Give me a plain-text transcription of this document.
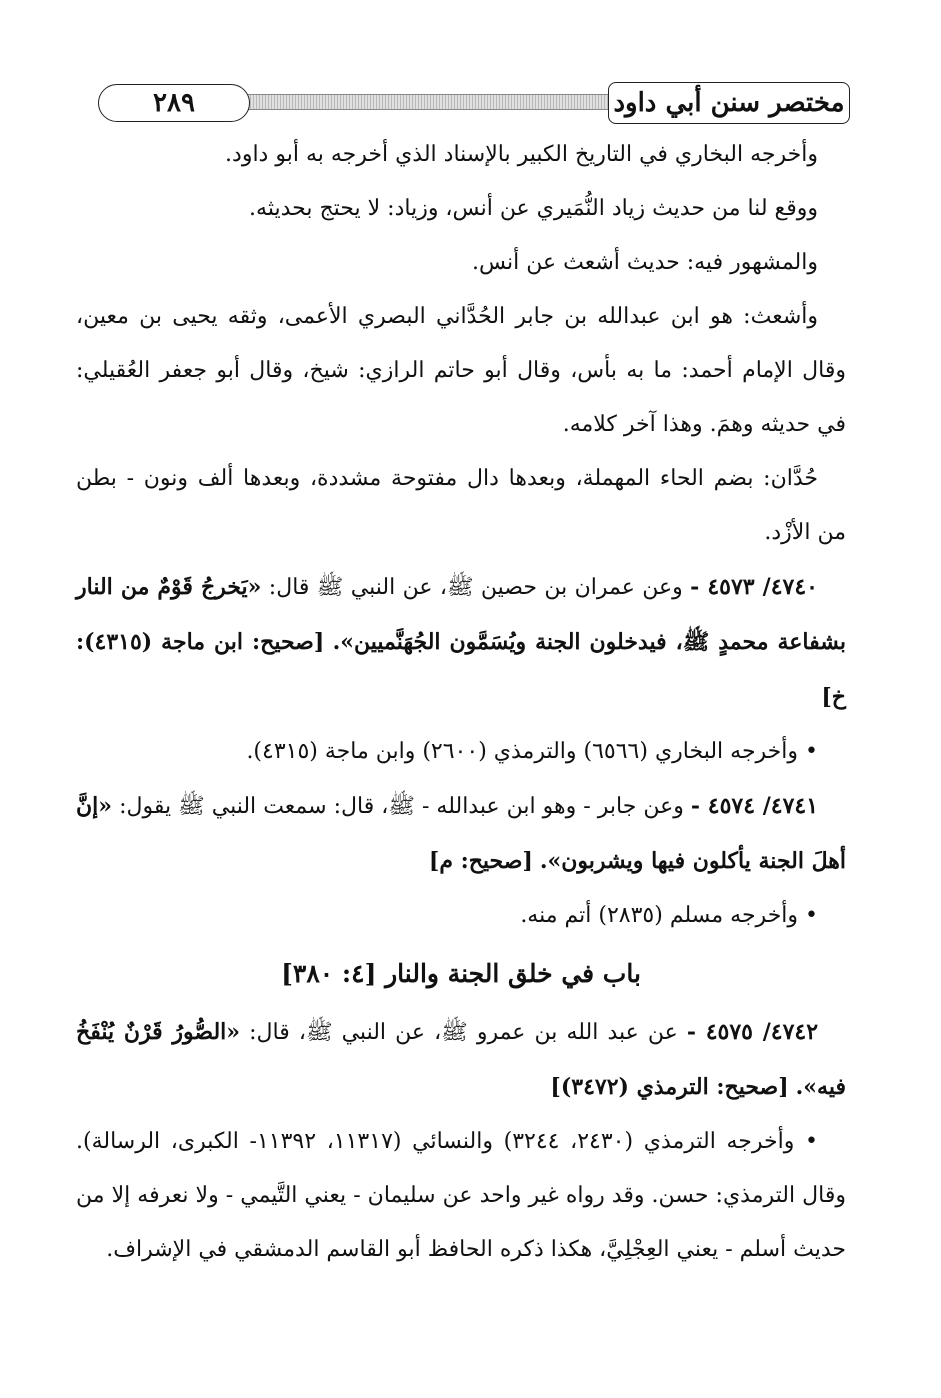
٢٨٩	مختصر سنن أبي داود

وأخرجه البخاري في التاريخ الكبير بالإسناد الذي أخرجه به أبو داود.

ووقع لنا من حديث زياد النُّمَيري عن أنس، وزياد: لا يحتج بحديثه.

والمشهور فيه: حديث أشعث عن أنس.

وأشعث: هو ابن عبدالله بن جابر الحُدَّاني البصري الأعمى، وثقه يحيى بن معين، وقال الإمام أحمد: ما به بأس، وقال أبو حاتم الرازي: شيخ، وقال أبو جعفر العُقيلي: في حديثه وهمَ. وهذا آخر كلامه.

حُدَّان: بضم الحاء المهملة، وبعدها دال مفتوحة مشددة، وبعدها ألف ونون - بطن من الأزْد.

٤٧٤٠/ ٤٥٧٣ - وعن عمران بن حصين ﷺ، عن النبي ﷺ قال: «يَخرجُ قَوْمٌ من النار بشفاعة محمدٍ ﷺ، فيدخلون الجنة ويُسَمَّون الجُهَنَّميين». [صحيح: ابن ماجة (٤٣١٥): خ]

• وأخرجه البخاري (٦٥٦٦) والترمذي (٢٦٠٠) وابن ماجة (٤٣١٥).

٤٧٤١/ ٤٥٧٤ - وعن جابر - وهو ابن عبدالله - ﷺ، قال: سمعت النبي ﷺ يقول: «إنَّ أهلَ الجنة يأكلون فيها ويشربون». [صحيح: م]

• وأخرجه مسلم (٢٨٣٥) أتم منه.

باب في خلق الجنة والنار [٤: ٣٨٠]

٤٧٤٢/ ٤٥٧٥ - عن عبد الله بن عمرو ﷺ، عن النبي ﷺ، قال: «الصُّورُ قَرْنٌ يُنْفَخُ فيه». [صحيح: الترمذي (٣٤٧٢)]

• وأخرجه الترمذي (٢٤٣٠، ٣٢٤٤) والنسائي (١١٣١٧، ١١٣٩٢- الكبرى، الرسالة). وقال الترمذي: حسن. وقد رواه غير واحد عن سليمان - يعني التَّيمي - ولا نعرفه إلا من حديث أسلم - يعني العِجْلِيَّ، هكذا ذكره الحافظ أبو القاسم الدمشقي في الإشراف.
